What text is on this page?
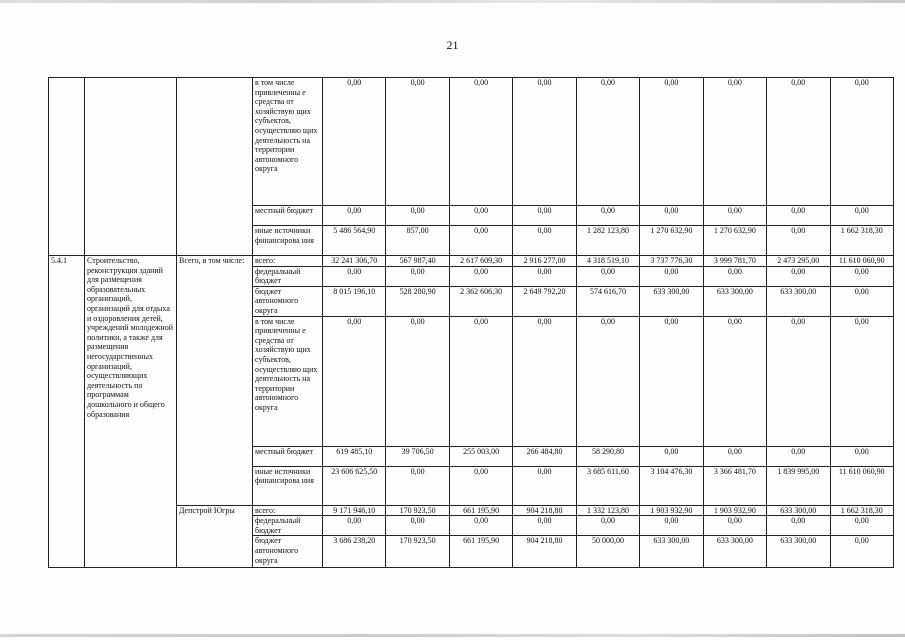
21
			в том числе привлеченны е средства от хозяйствую щих субъектов, осуществляю щих деятельность на территории автономного округа	0,00	0,00	0,00	0,00	0,00	0,00	0,00	0,00	0,00
			местный бюджет	0,00	0,00	0,00	0,00	0,00	0,00	0,00	0,00	0,00
			иные источники финансирова ния	5 486 564,90	857,00	0,00	0,00	1 282 123,80	1 270 632,90	1 270 632,90	0,00	1 662 318,30
5.4.1	Строительство, реконструкция зданий для размещения образовательных организаций, организаций для отдыха и оздоровления детей, учреждений молодежной политики, а также для размещения негосударственных организаций, осуществляющих деятельность по программам дошкольного и общего образования	Всего, в том числе:	всего:	32 241 306,70	567 987,40	2 617 609,30	2 916 277,00	4 318 519,10	3 737 776,30	3 999 781,70	2 473 295,00	11 610 060,90
			федеральный бюджет	0,00	0,00	0,00	0,00	0,00	0,00	0,00	0,00	0,00
			бюджет автономного округа	8 015 196,10	528 280,90	2 362 606,30	2 649 792,20	574 616,70	633 300,00	633 300,00	633 300,00	0,00
			в том числе привлеченны е средства от хозяйствую щих субъектов, осуществляю щих деятельность на территории автономного округа	0,00	0,00	0,00	0,00	0,00	0,00	0,00	0,00	0,00
			местный бюджет	619 485,10	39 706,50	255 003,00	266 484,80	58 290,80	0,00	0,00	0,00	0,00
			иные источники финансирова ния	23 606 625,50	0,00	0,00	0,00	3 685 611,60	3 104 476,30	3 366 481,70	1 839 995,00	11 610 060,90
		Депстрой Югры	всего:	9 171 946,10	170 923,50	661 195,90	904 218,80	1 332 123,80	1 903 932,90	1 903 932,90	633 300,00	1 662 318,30
			федеральный бюджет	0,00	0,00	0,00	0,00	0,00	0,00	0,00	0,00	0,00
			бюджет автономного округа	3 686 238,20	170 923,50	661 195,90	904 218,80	50 000,00	633 300,00	633 300,00	633 300,00	0,00
